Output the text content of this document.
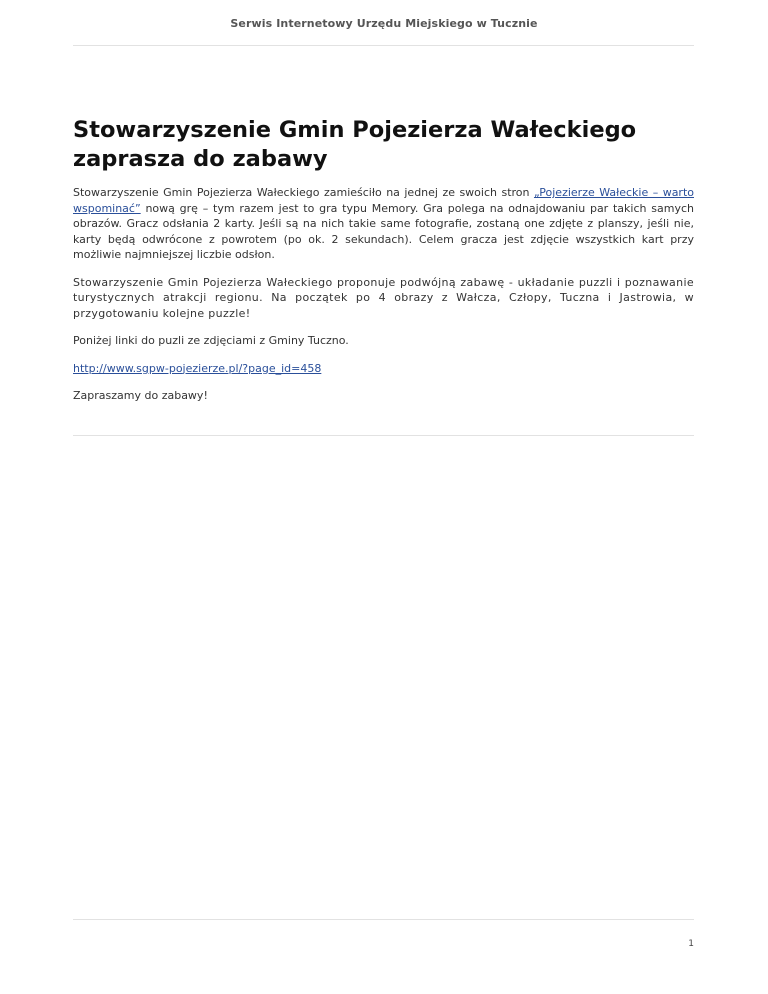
Serwis Internetowy Urzędu Miejskiego w Tucznie
Stowarzyszenie Gmin Pojezierza Wałeckiego zaprasza do zabawy

Stowarzyszenie Gmin Pojezierza Wałeckiego zamieściło na jednej ze swoich stron „Pojezierze Wałeckie – warto wspominać” nową grę – tym razem jest to gra typu Memory. Gra polega na odnajdowaniu par takich samych obrazów. Gracz odsłania 2 karty. Jeśli są na nich takie same fotografie, zostaną one zdjęte z planszy, jeśli nie, karty będą odwrócone z powrotem (po ok. 2 sekundach). Celem gracza jest zdjęcie wszystkich kart przy możliwie najmniejszej liczbie odsłon.

Stowarzyszenie Gmin Pojezierza Wałeckiego proponuje podwójną zabawę - układanie puzzli i poznawanie turystycznych atrakcji regionu. Na początek po 4 obrazy z Wałcza, Człopy, Tuczna i Jastrowia, w przygotowaniu kolejne puzzle!

Poniżej linki do puzli ze zdjęciami z Gminy Tuczno.

http://www.sgpw-pojezierze.pl/?page_id=458

Zapraszamy do zabawy!

1
